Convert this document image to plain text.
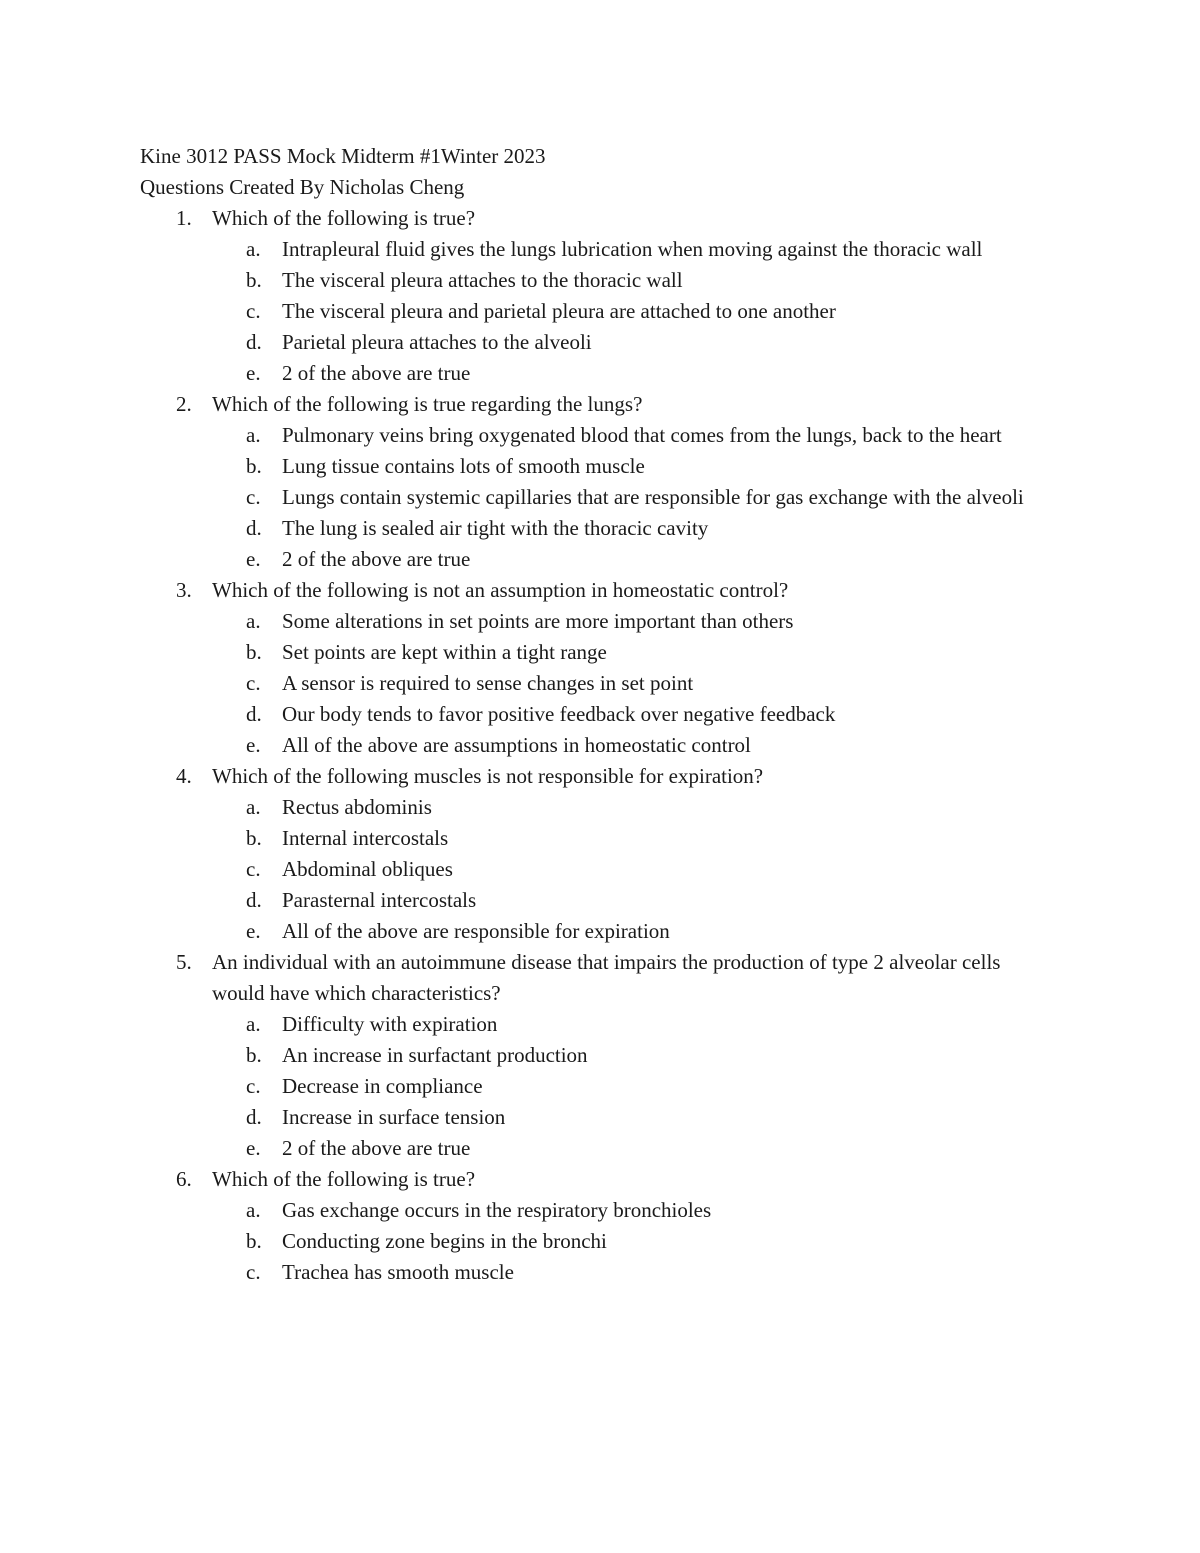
Kine 3012 PASS Mock Midterm #1Winter 2023
Questions Created By Nicholas Cheng
1. Which of the following is true?
a. Intrapleural fluid gives the lungs lubrication when moving against the thoracic wall
b. The visceral pleura attaches to the thoracic wall
c. The visceral pleura and parietal pleura are attached to one another
d. Parietal pleura attaches to the alveoli
e. 2 of the above are true
2. Which of the following is true regarding the lungs?
a. Pulmonary veins bring oxygenated blood that comes from the lungs, back to the heart
b. Lung tissue contains lots of smooth muscle
c. Lungs contain systemic capillaries that are responsible for gas exchange with the alveoli
d. The lung is sealed air tight with the thoracic cavity
e. 2 of the above are true
3. Which of the following is not an assumption in homeostatic control?
a. Some alterations in set points are more important than others
b. Set points are kept within a tight range
c. A sensor is required to sense changes in set point
d. Our body tends to favor positive feedback over negative feedback
e. All of the above are assumptions in homeostatic control
4. Which of the following muscles is not responsible for expiration?
a. Rectus abdominis
b. Internal intercostals
c. Abdominal obliques
d. Parasternal intercostals
e. All of the above are responsible for expiration
5. An individual with an autoimmune disease that impairs the production of type 2 alveolar cells would have which characteristics?
a. Difficulty with expiration
b. An increase in surfactant production
c. Decrease in compliance
d. Increase in surface tension
e. 2 of the above are true
6. Which of the following is true?
a. Gas exchange occurs in the respiratory bronchioles
b. Conducting zone begins in the bronchi
c. Trachea has smooth muscle
